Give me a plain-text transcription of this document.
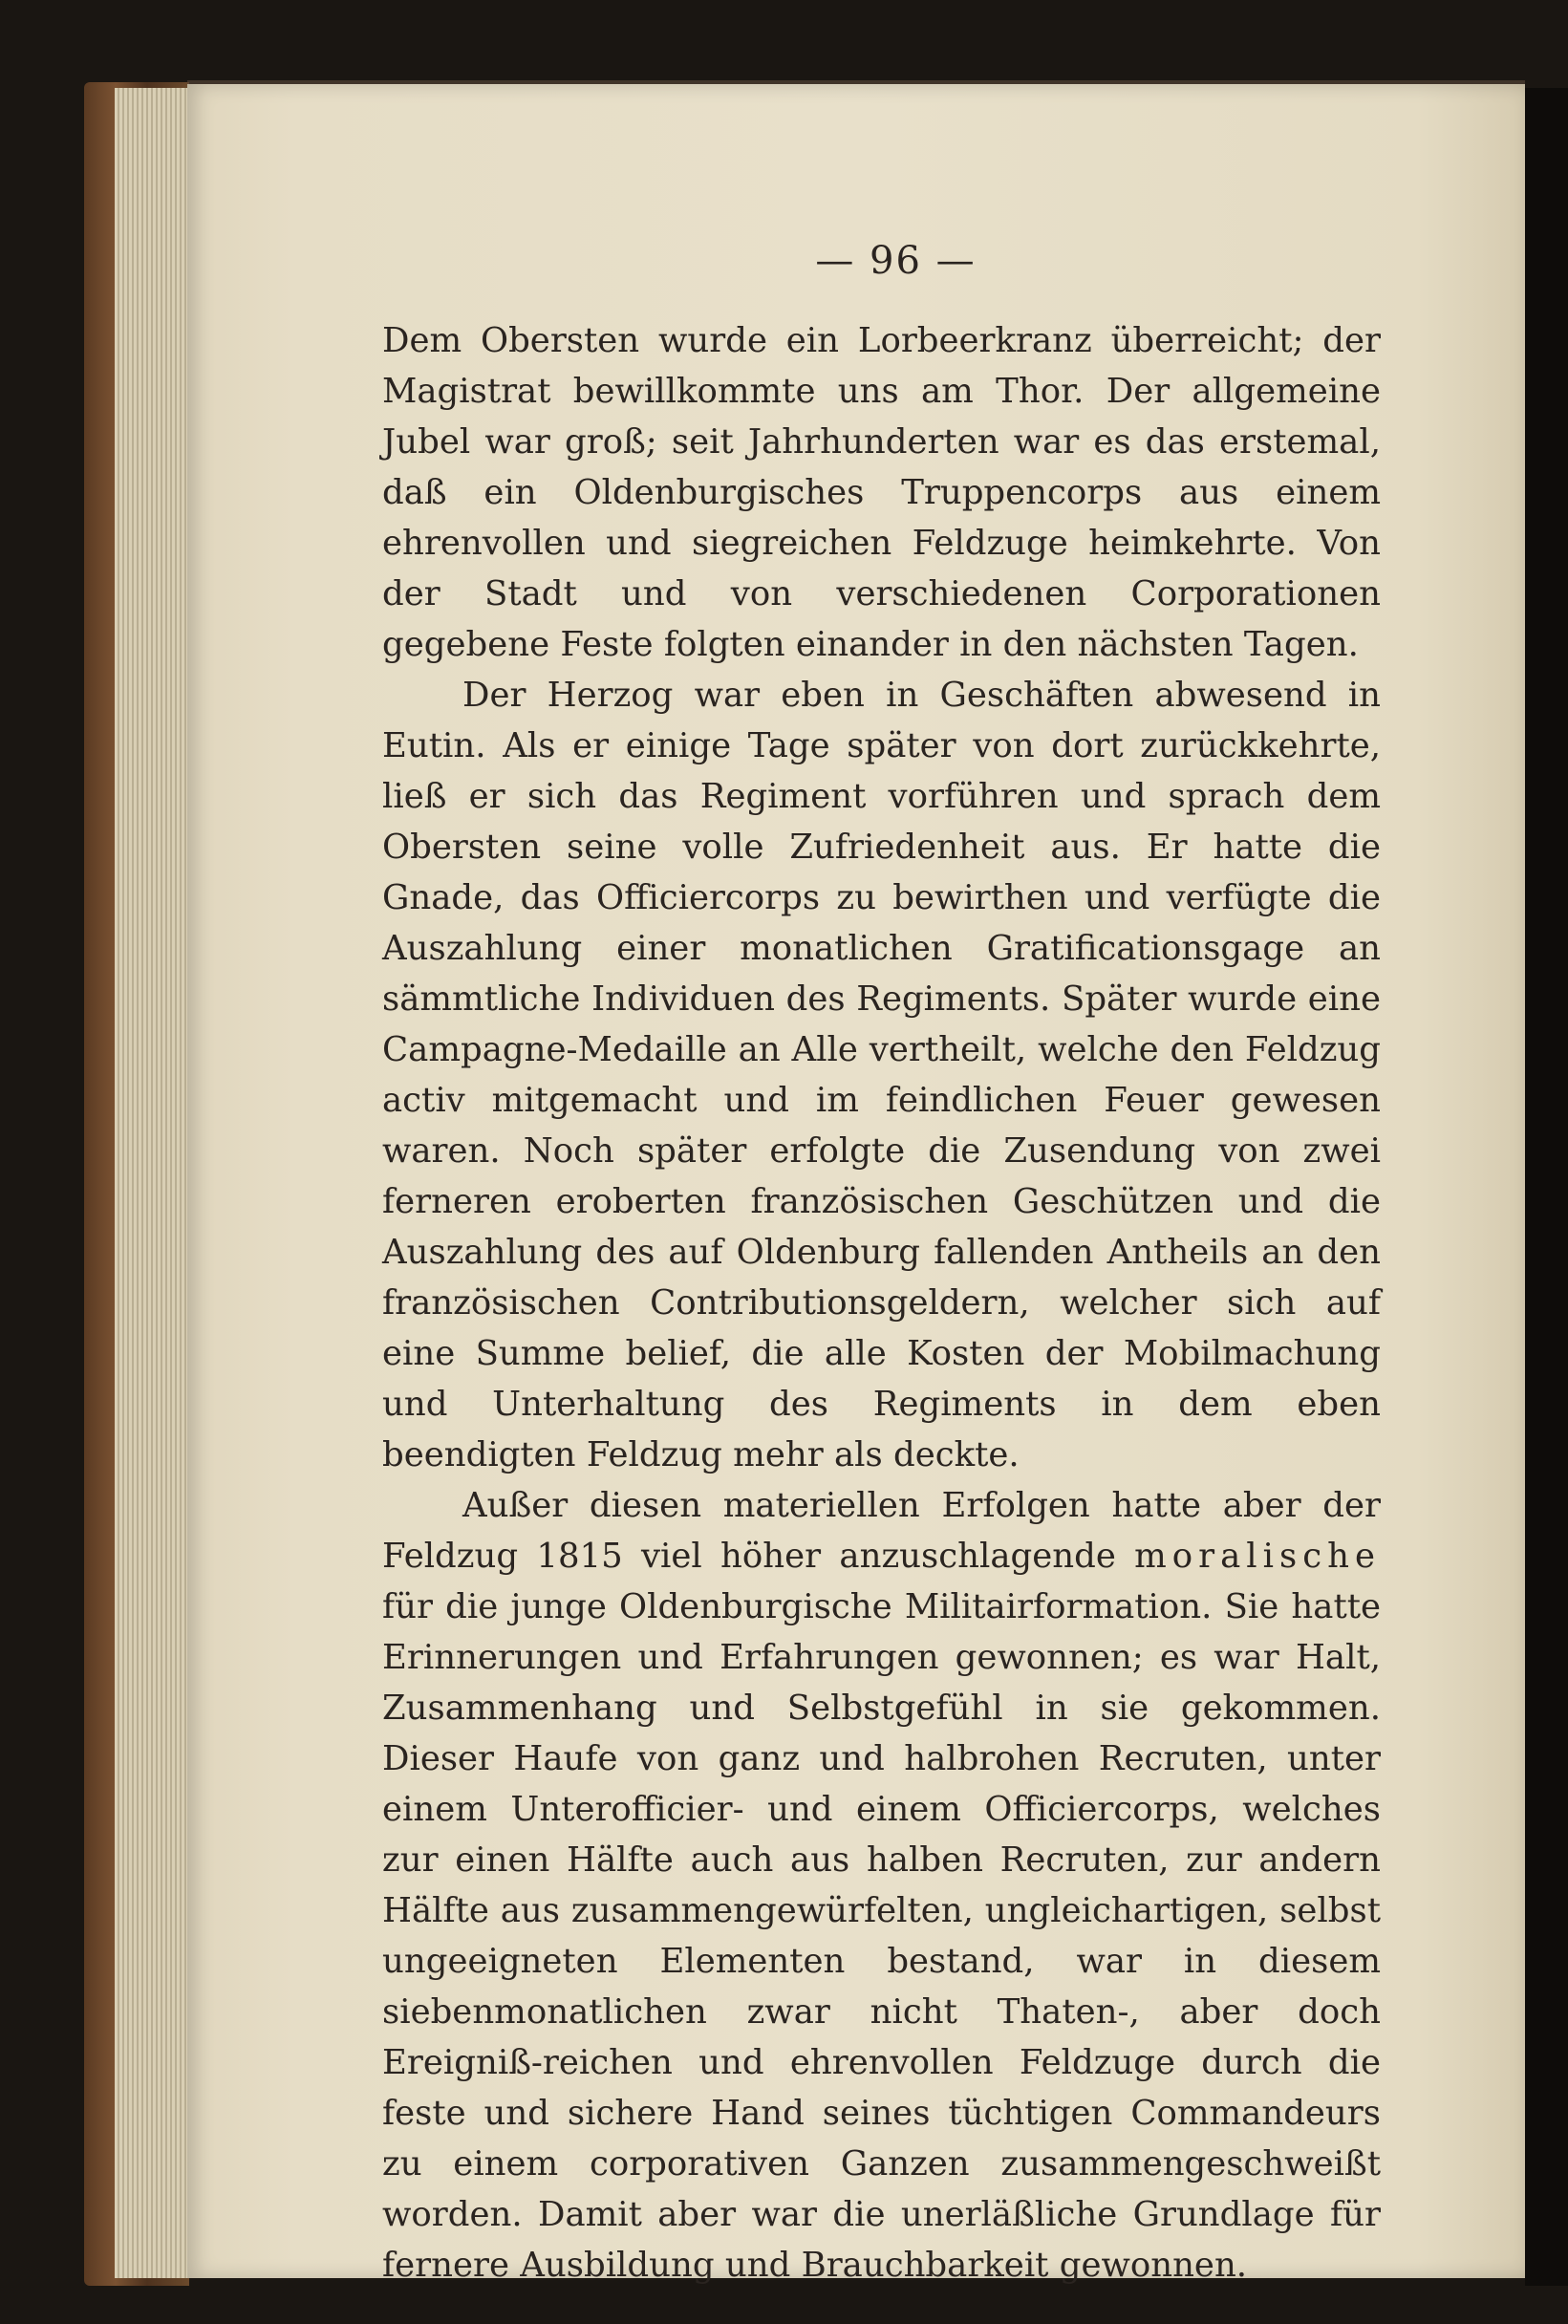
— 96 —

Dem Obersten wurde ein Lorbeerkranz überreicht; der Magistrat bewillkommte uns am Thor. Der allgemeine Jubel war groß; seit Jahrhunderten war es das erstemal, daß ein Oldenburgisches Truppencorps aus einem ehrenvollen und siegreichen Feldzuge heimkehrte. Von der Stadt und von verschiedenen Corporationen gegebene Feste folgten einander in den nächsten Tagen.

Der Herzog war eben in Geschäften abwesend in Eutin. Als er einige Tage später von dort zurückkehrte, ließ er sich das Regiment vorführen und sprach dem Obersten seine volle Zufriedenheit aus. Er hatte die Gnade, das Officiercorps zu bewirthen und verfügte die Auszahlung einer monatlichen Gratificationsgage an sämmtliche Individuen des Regiments. Später wurde eine Campagne-Medaille an Alle vertheilt, welche den Feldzug activ mitgemacht und im feindlichen Feuer gewesen waren. Noch später erfolgte die Zusendung von zwei ferneren eroberten französischen Geschützen und die Auszahlung des auf Oldenburg fallenden Antheils an den französischen Contributionsgeldern, welcher sich auf eine Summe belief, die alle Kosten der Mobilmachung und Unterhaltung des Regiments in dem eben beendigten Feldzug mehr als deckte.

Außer diesen materiellen Erfolgen hatte aber der Feldzug 1815 viel höher anzuschlagende moralische für die junge Oldenburgische Militairformation. Sie hatte Erinnerungen und Erfahrungen gewonnen; es war Halt, Zusammenhang und Selbstgefühl in sie gekommen. Dieser Haufe von ganz und halbrohen Recruten, unter einem Unterofficier- und einem Officiercorps, welches zur einen Hälfte auch aus halben Recruten, zur andern Hälfte aus zusammengewürfelten, ungleichartigen, selbst ungeeigneten Elementen bestand, war in diesem siebenmonatlichen zwar nicht Thaten-, aber doch Ereigniß-reichen und ehrenvollen Feldzuge durch die feste und sichere Hand seines tüchtigen Commandeurs zu einem corporativen Ganzen zusammengeschweißt worden. Damit aber war die unerläßliche Grundlage für fernere Ausbildung und Brauchbarkeit gewonnen.
